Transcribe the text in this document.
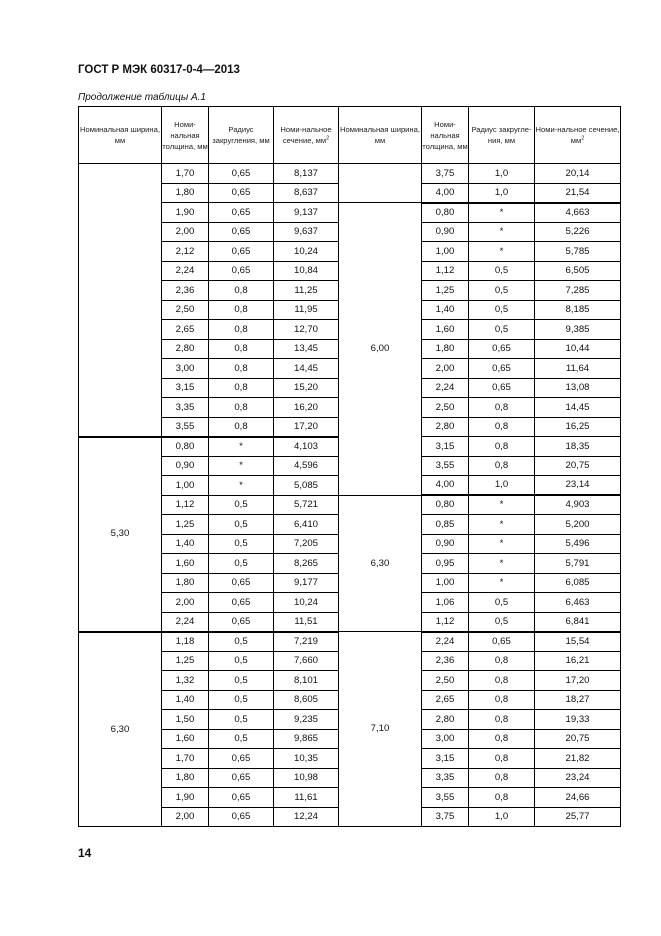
ГОСТ Р МЭК 60317-0-4—2013
Продолжение таблицы А.1
Номинальная ширина, мм	Номи-нальная толщина, мм	Радиус закругления, мм	Номи-нальное сечение, $мм^2$	Номинальная ширина, мм	Номи-нальная толщина, мм	Радиус закругле-ния, мм	Номи-нальное сечение, $мм^2$
	1,70	0,65	8,137		3,75	1,0	20,14
	1,80	0,65	8,637		4,00	1,0	21,54
	1,90	0,65	9,137	6,00	0,80	*	4,663
	2,00	0,65	9,637		0,90	*	5,226
	2,12	0,65	10,24		1,00	*	5,785
	2,24	0,65	10,84		1,12	0,5	6,505
	2,36	0,8	11,25		1,25	0,5	7,285
	2,50	0,8	11,95		1,40	0,5	8,185
	2,65	0,8	12,70		1,60	0,5	9,385
	2,80	0,8	13,45		1,80	0,65	10,44
	3,00	0,8	14,45		2,00	0,65	11,64
	3,15	0,8	15,20		2,24	0,65	13,08
	3,35	0,8	16,20		2,50	0,8	14,45
	3,55	0,8	17,20		2,80	0,8	16,25
5,30	0,80	*	4,103		3,15	0,8	18,35
	0,90	*	4,596		3,55	0,8	20,75
	1,00	*	5,085		4,00	1,0	23,14
	1,12	0,5	5,721	6,30	0,80	*	4,903
	1,25	0,5	6,410		0,85	*	5,200
	1,40	0,5	7,205		0,90	*	5,496
	1,60	0,5	8,265		0,95	*	5,791
	1,80	0,65	9,177		1,00	*	6,085
	2,00	0,65	10,24		1,06	0,5	6,463
	2,24	0,65	11,51		1,12	0,5	6,841
6,30	1,18	0,5	7,219	7,10	2,24	0,65	15,54
	1,25	0,5	7,660		2,36	0,8	16,21
	1,32	0,5	8,101		2,50	0,8	17,20
	1,40	0,5	8,605		2,65	0,8	18,27
	1,50	0,5	9,235		2,80	0,8	19,33
	1,60	0,5	9,865		3,00	0,8	20,75
	1,70	0,65	10,35		3,15	0,8	21,82
	1,80	0,65	10,98		3,35	0,8	23,24
	1,90	0,65	11,61		3,55	0,8	24,66
	2,00	0,65	12,24		3,75	1,0	25,77
14
